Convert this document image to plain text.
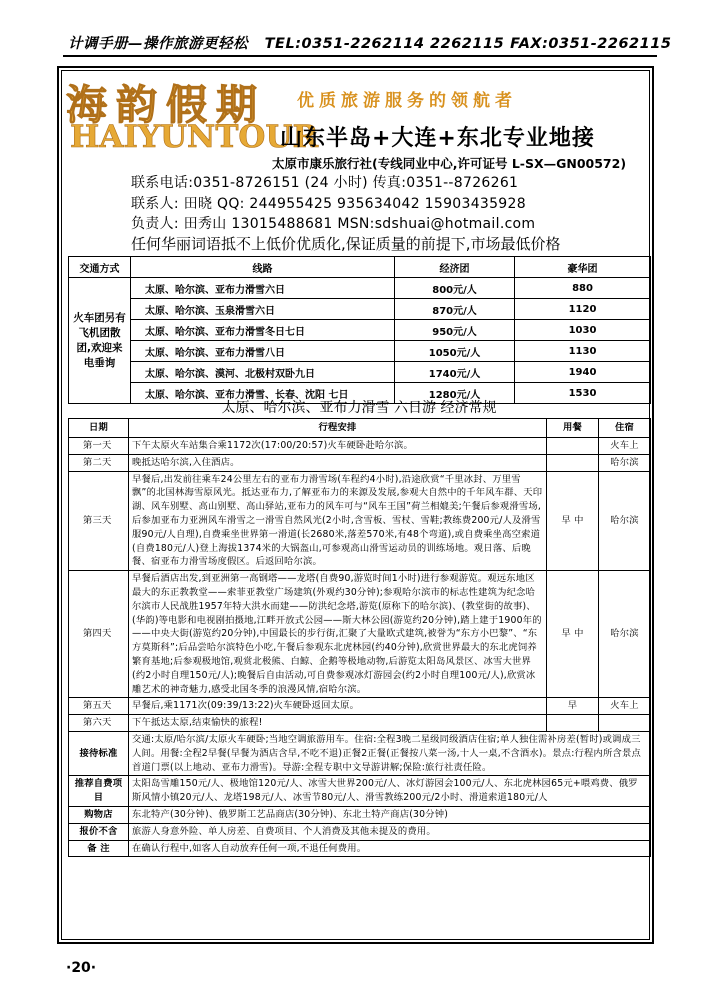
计调手册—操作旅游更轻松 TEL:0351-2262114 2262115 FAX:0351-2262115
海韵假期 优质旅游服务的领航者
HAIYUNTOUR
山东半岛+大连+东北专业地接
太原市康乐旅行社(专线同业中心,许可证号 L-SX—GN00572)
联系电话:0351-8726151 (24 小时) 传真:0351--8726261
联系人: 田晓 QQ: 244955425 935634042 15903435928
负责人: 田秀山 13015488681 MSN:sdshuai@hotmail.com
任何华丽词语抵不上低价优质化,保证质量的前提下,市场最低价格
交通方式	线路	经济团	豪华团
火车团另有飞机团散团,欢迎来电垂询	太原、哈尔滨、亚布力滑雪六日	800元/人	880
	太原、哈尔滨、玉泉滑雪六日	870元/人	1120
	太原、哈尔滨、亚布力滑雪冬日七日	950元/人	1030
	太原、哈尔滨、亚布力滑雪八日	1050元/人	1130
	太原、哈尔滨、漠河、北极村双卧九日	1740元/人	1940
	太原、哈尔滨、亚布力滑雪、长春、沈阳 七日	1280元/人	1530
太原、哈尔滨、亚布力滑雪 六日游 经济常规
日期	行程安排	用餐	住宿
第一天	下午太原火车站集合乘1172次(17:00/20:57)火车硬卧赴哈尔滨。		火车上
第二天	晚抵达哈尔滨,入住酒店。		哈尔滨
第三天	早餐后,出发前往乘车24公里左右的亚布力滑雪场(车程约4小时),沿途欣赏“千里冰封、万里雪飘”的北国林海雪原风光。抵达亚布力,了解亚布力的来源及发展,参观大自然中的千年风车群、天印湖、风车别墅、高山别墅、高山驿站,亚布力的风车可与“风车王国”荷兰相媲美;午餐后参观滑雪场,后参加亚布力亚洲风车滑雪之一滑雪自然风光(2小时,含雪板、雪杖、雪鞋;教练费200元/人及滑雪服90元/人自理),自费乘坐世界第一滑道(长2680米,落差570米,有48个弯道),或自费乘坐高空索道(自费180元/人)登上海拔1374米的大锅盔山,可参观高山滑雪运动员的训练场地。观日落、后晚餐、宿亚布力滑雪场度假区。后返回哈尔滨。	早 中	哈尔滨
第四天	早餐后酒店出发,到亚洲第一高钢塔——龙塔(自费90,游览时间1小时)进行参观游览。观远东地区最大的东正教教堂——索菲亚教堂广场建筑(外观约30分钟);参观哈尔滨市的标志性建筑为纪念哈尔滨市人民战胜1957年特大洪水而建——防洪纪念塔,游览(原称下的哈尔滨)、(教堂街的故事)、(华韵)等电影和电视剧拍摄地,江畔开放式公园——斯大林公园(游览约20分钟),踏上建于1900年的——中央大街(游览约20分钟),中国最长的步行街,汇聚了大量欧式建筑,被誉为“东方小巴黎”、“东方莫斯科”;后品尝哈尔滨特色小吃,午餐后参观东北虎林园(约40分钟),欣赏世界最大的东北虎饲养繁育基地;后参观极地馆,观赏北极熊、白鲸、企鹅等极地动物,后游览太阳岛风景区、冰雪大世界(约2小时自理150元/人);晚餐后自由活动,可自费参观冰灯游园会(约2小时自理100元/人),欣赏冰雕艺术的神奇魅力,感受北国冬季的浪漫风情,宿哈尔滨。	早 中	哈尔滨
第五天	早餐后,乘1171次(09:39/13:22)火车硬卧返回太原。	早	火车上
第六天	下午抵达太原,结束愉快的旅程!		
接待标准	交通:太原/哈尔滨/太原火车硬卧;当地空调旅游用车。住宿:全程3晚二星级同级酒店住宿;单人独住需补房差(暂时)或调成三人间。用餐:全程2早餐(早餐为酒店含早,不吃不退)正餐2正餐(正餐按八菜一汤,十人一桌,不含酒水)。景点:行程内所含景点首道门票(以上地动、亚布力滑雪)。导游:全程专职中文导游讲解;保险:旅行社责任险。		
推荐自费项目	太阳岛雪雕150元/人、极地馆120元/人、冰雪大世界200元/人、冰灯游园会100元/人、东北虎林园65元+喂鸡费、俄罗斯风情小镇20元/人、龙塔198元/人、冰雪节80元/人、滑雪教练200元/2小时、滑道索道180元/人		
购物店	东北特产(30分钟)、俄罗斯工艺品商店(30分钟)、东北土特产商店(30分钟)		
报价不含	旅游人身意外险、单人房差、自费项目、个人消费及其他未提及的费用。		
备 注	在确认行程中,如客人自动放弃任何一项,不退任何费用。		
·20·
